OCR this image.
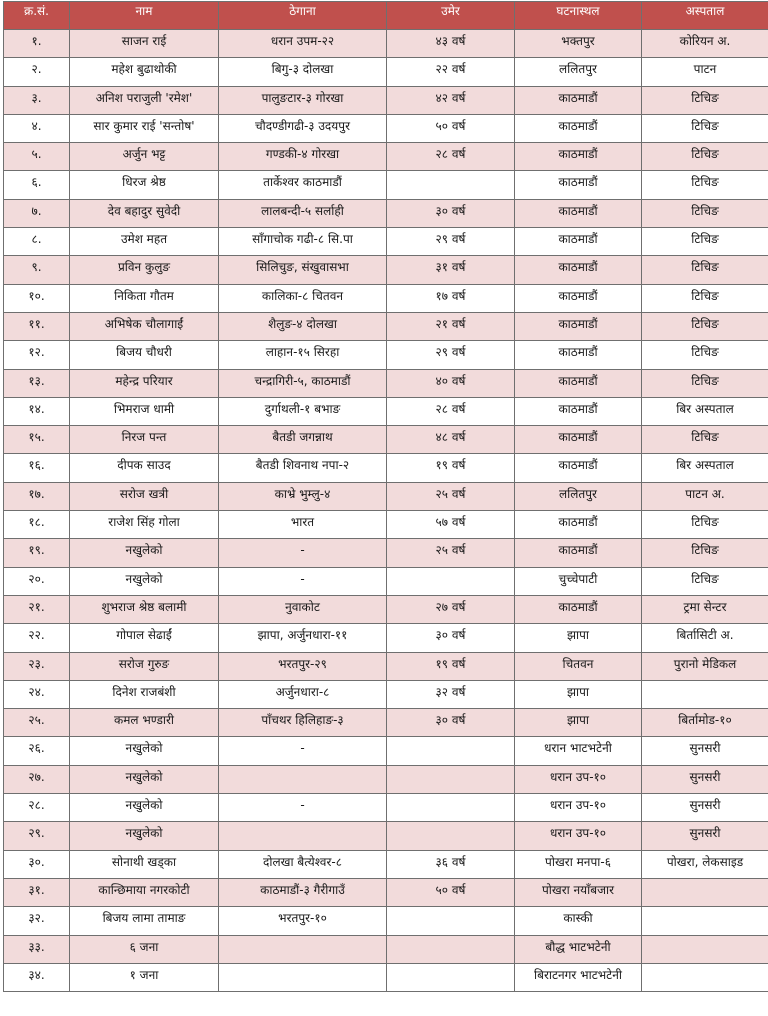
क्र.सं.	नाम	ठेगाना	उमेर	घटनास्थल	अस्पताल
१.	साजन राई	धरान उपम-२२	४३ वर्ष	भक्तपुर	कोरियन अ.
२.	महेश बुढाथोकी	बिगु-३ दोलखा	२२ वर्ष	ललितपुर	पाटन
३.	अनिश पराजुली 'रमेश'	पालुङटार-३ गोरखा	४२ वर्ष	काठमाडौं	टिचिङ
४.	सार कुमार राई 'सन्तोष'	चौदण्डीगढी-३ उदयपुर	५० वर्ष	काठमाडौं	टिचिङ
५.	अर्जुन भट्ट	गण्डकी-४ गोरखा	२८ वर्ष	काठमाडौं	टिचिङ
६.	धिरज श्रेष्ठ	तार्केश्वर काठमाडौं		काठमाडौं	टिचिङ
७.	देव बहादुर सुवेदी	लालबन्दी-५ सर्लाही	३० वर्ष	काठमाडौं	टिचिङ
८.	उमेश महत	साँगाचोक गढी-८ सि.पा	२९ वर्ष	काठमाडौं	टिचिङ
९.	प्रविन कुलुङ	सिलिचुङ, संखुवासभा	३१ वर्ष	काठमाडौं	टिचिङ
१०.	निकिता गौतम	कालिका-८ चितवन	१७ वर्ष	काठमाडौं	टिचिङ
११.	अभिषेक चौलागाईं	शैलुङ-४ दोलखा	२१ वर्ष	काठमाडौं	टिचिङ
१२.	बिजय चौधरी	लाहान-१५ सिरहा	२९ वर्ष	काठमाडौं	टिचिङ
१३.	महेन्द्र परियार	चन्द्रागिरी-५, काठमाडौं	४० वर्ष	काठमाडौं	टिचिङ
१४.	भिमराज धामी	दुर्गाथली-१ बभाङ	२८ वर्ष	काठमाडौं	बिर अस्पताल
१५.	निरज पन्त	बैतडी जगन्नाथ	४८ वर्ष	काठमाडौं	टिचिङ
१६.	दीपक साउद	बैतडी शिवनाथ नपा-२	१९ वर्ष	काठमाडौं	बिर अस्पताल
१७.	सरोज खत्री	काभ्रे भुम्लु-४	२५ वर्ष	ललितपुर	पाटन अ.
१८.	राजेश सिंह गोला	भारत	५७ वर्ष	काठमाडौं	टिचिङ
१९.	नखुलेको	-	२५ वर्ष	काठमाडौं	टिचिङ
२०.	नखुलेको	-		चुच्चेपाटी	टिचिङ
२१.	शुभराज श्रेष्ठ बलामी	नुवाकोट	२७ वर्ष	काठमाडौं	ट्रमा सेन्टर
२२.	गोपाल सेढाईं	झापा, अर्जुनधारा-११	३० वर्ष	झापा	बिर्तासिटी अ.
२३.	सरोज गुरुङ	भरतपुर-२९	१९ वर्ष	चितवन	पुरानो मेडिकल
२४.	दिनेश राजबंशी	अर्जुनधारा-८	३२ वर्ष	झापा	
२५.	कमल भण्डारी	पाँचथर हिलिहाङ-३	३० वर्ष	झापा	बिर्तामोड-१०
२६.	नखुलेको	-		धरान भाटभटेनी	सुनसरी
२७.	नखुलेको			धरान उप-१०	सुनसरी
२८.	नखुलेको	-		धरान उप-१०	सुनसरी
२९.	नखुलेको			धरान उप-१०	सुनसरी
३०.	सोनाथी खड्का	दोलखा बैत्येश्वर-८	३६ वर्ष	पोखरा मनपा-६	पोखरा, लेकसाइड
३१.	कान्छिमाया नगरकोटी	काठमाडौं-३ गैरीगाउँ	५० वर्ष	पोखरा नयाँबजार	
३२.	बिजय लामा तामाङ	भरतपुर-१०		कास्की	
३३.	६ जना			बौद्ध भाटभटेनी	
३४.	१ जना			बिराटनगर भाटभटेनी	
